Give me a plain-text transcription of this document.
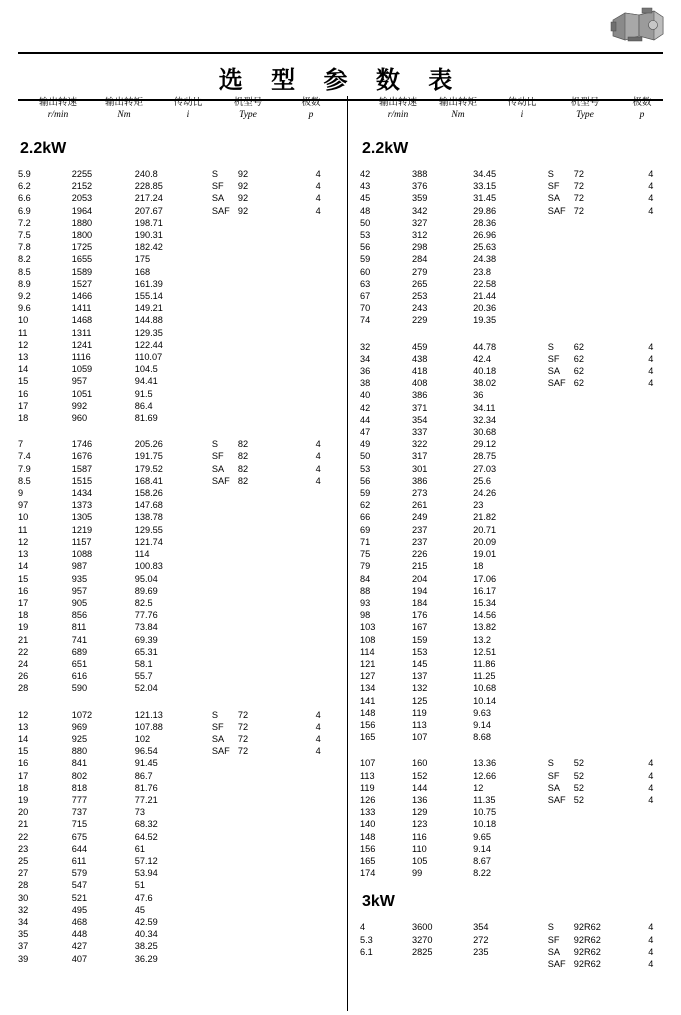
选 型 参 数 表
输出转速
r/min
输出转矩
Nm
传动比
i
机型号
Type
极数
p
输出转速
r/min
输出转矩
Nm
传动比
i
机型号
Type
极数
p
2.2kW
5.9	2255	240.8	S 92	4
6.2	2152	228.85	SF 92	4
6.6	2053	217.24	SA 92	4
6.9	1964	207.67	SAF 92	4
7.2	1880	198.71		
7.5	1800	190.31		
7.8	1725	182.42		
8.2	1655	175		
8.5	1589	168		
8.9	1527	161.39		
9.2	1466	155.14		
9.6	1411	149.21		
10	1468	144.88		
11	1311	129.35		
12	1241	122.44		
13	1116	110.07		
14	1059	104.5		
15	957	94.41		
16	1051	91.5		
17	992	86.4		
18	960	81.69		
7	1746	205.26	S 82	4
7.4	1676	191.75	SF 82	4
7.9	1587	179.52	SA 82	4
8.5	1515	168.41	SAF 82	4
9	1434	158.26		
97	1373	147.68		
10	1305	138.78		
11	1219	129.55		
12	1157	121.74		
13	1088	114		
14	987	100.83		
15	935	95.04		
16	957	89.69		
17	905	82.5		
18	856	77.76		
19	811	73.84		
21	741	69.39		
22	689	65.31		
24	651	58.1		
26	616	55.7		
28	590	52.04		
12	1072	121.13	S 72	4
13	969	107.88	SF 72	4
14	925	102	SA 72	4
15	880	96.54	SAF 72	4
16	841	91.45		
17	802	86.7		
18	818	81.76		
19	777	77.21		
20	737	73		
21	715	68.32		
22	675	64.52		
23	644	61		
25	611	57.12		
27	579	53.94		
28	547	51		
30	521	47.6		
32	495	45		
34	468	42.59		
35	448	40.34		
37	427	38.25		
39	407	36.29		
2.2kW
42	388	34.45	S 72	4
43	376	33.15	SF 72	4
45	359	31.45	SA 72	4
48	342	29.86	SAF 72	4
50	327	28.36		
53	312	26.96		
56	298	25.63		
59	284	24.38		
60	279	23.8		
63	265	22.58		
67	253	21.44		
70	243	20.36		
74	229	19.35		
32	459	44.78	S 62	4
34	438	42.4	SF 62	4
36	418	40.18	SA 62	4
38	408	38.02	SAF 62	4
40	386	36		
42	371	34.11		
44	354	32.34		
47	337	30.68		
49	322	29.12		
50	317	28.75		
53	301	27.03		
56	386	25.6		
59	273	24.26		
62	261	23		
66	249	21.82		
69	237	20.71		
71	237	20.09		
75	226	19.01		
79	215	18		
84	204	17.06		
88	194	16.17		
93	184	15.34		
98	176	14.56		
103	167	13.82		
108	159	13.2		
114	153	12.51		
121	145	11.86		
127	137	11.25		
134	132	10.68		
141	125	10.14		
148	119	9.63		
156	113	9.14		
165	107	8.68		
107	160	13.36	S 52	4
113	152	12.66	SF 52	4
119	144	12	SA 52	4
126	136	11.35	SAF 52	4
133	129	10.75		
140	123	10.18		
148	116	9.65		
156	110	9.14		
165	105	8.67		
174	99	8.22		
3kW
4	3600	354	S 92R62	4
5.3	3270	272	SF 92R62	4
6.1	2825	235	SA 92R62	4
			SAF 92R62	4
